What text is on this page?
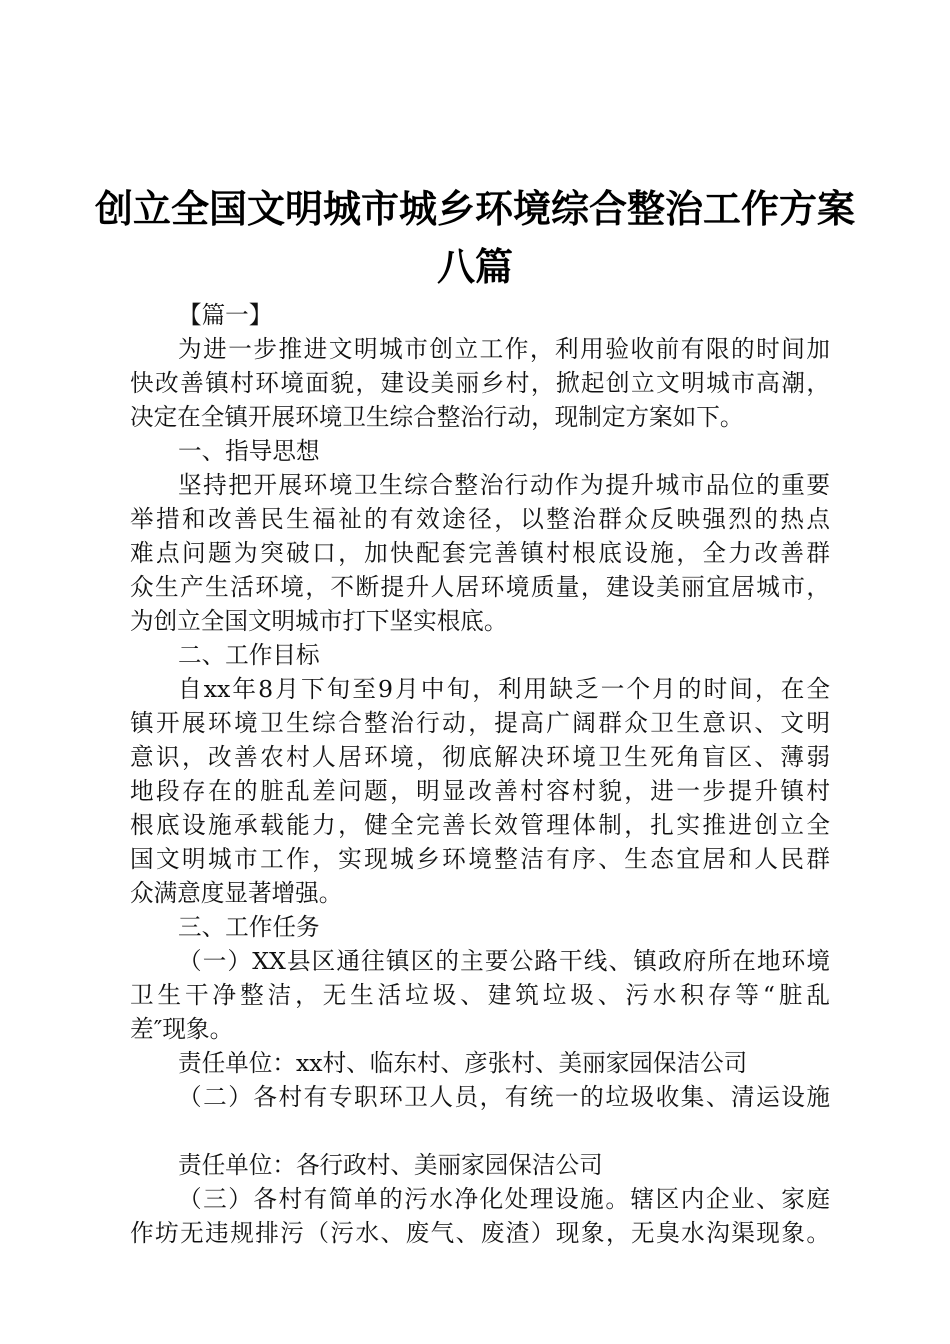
创立全国文明城市城乡环境综合整治工作方案
八篇
【篇一】
为进一步推进文明城市创立工作，利用验收前有限的时间加
快改善镇村环境面貌，建设美丽乡村，掀起创立文明城市高潮，
决定在全镇开展环境卫生综合整治行动，现制定方案如下。
一、指导思想
坚持把开展环境卫生综合整治行动作为提升城市品位的重要
举措和改善民生福祉的有效途径，以整治群众反映强烈的热点
难点问题为突破口，加快配套完善镇村根底设施，全力改善群
众生产生活环境，不断提升人居环境质量，建设美丽宜居城市，
为创立全国文明城市打下坚实根底。
二、工作目标
自xx年8月下旬至9月中旬，利用缺乏一个月的时间，在全
镇开展环境卫生综合整治行动，提高广阔群众卫生意识、文明
意识，改善农村人居环境，彻底解决环境卫生死角盲区、薄弱
地段存在的脏乱差问题，明显改善村容村貌，进一步提升镇村
根底设施承载能力，健全完善长效管理体制，扎实推进创立全
国文明城市工作，实现城乡环境整洁有序、生态宜居和人民群
众满意度显著增强。
三、工作任务
（一）XX县区通往镇区的主要公路干线、镇政府所在地环境
卫生干净整洁，无生活垃圾、建筑垃圾、污水积存等“脏乱
差″现象。
责任单位：xx村、临东村、彦张村、美丽家园保洁公司
（二）各村有专职环卫人员，有统一的垃圾收集、清运设施
责任单位：各行政村、美丽家园保洁公司
（三）各村有简单的污水净化处理设施。辖区内企业、家庭
作坊无违规排污（污水、废气、废渣）现象，无臭水沟渠现象。
